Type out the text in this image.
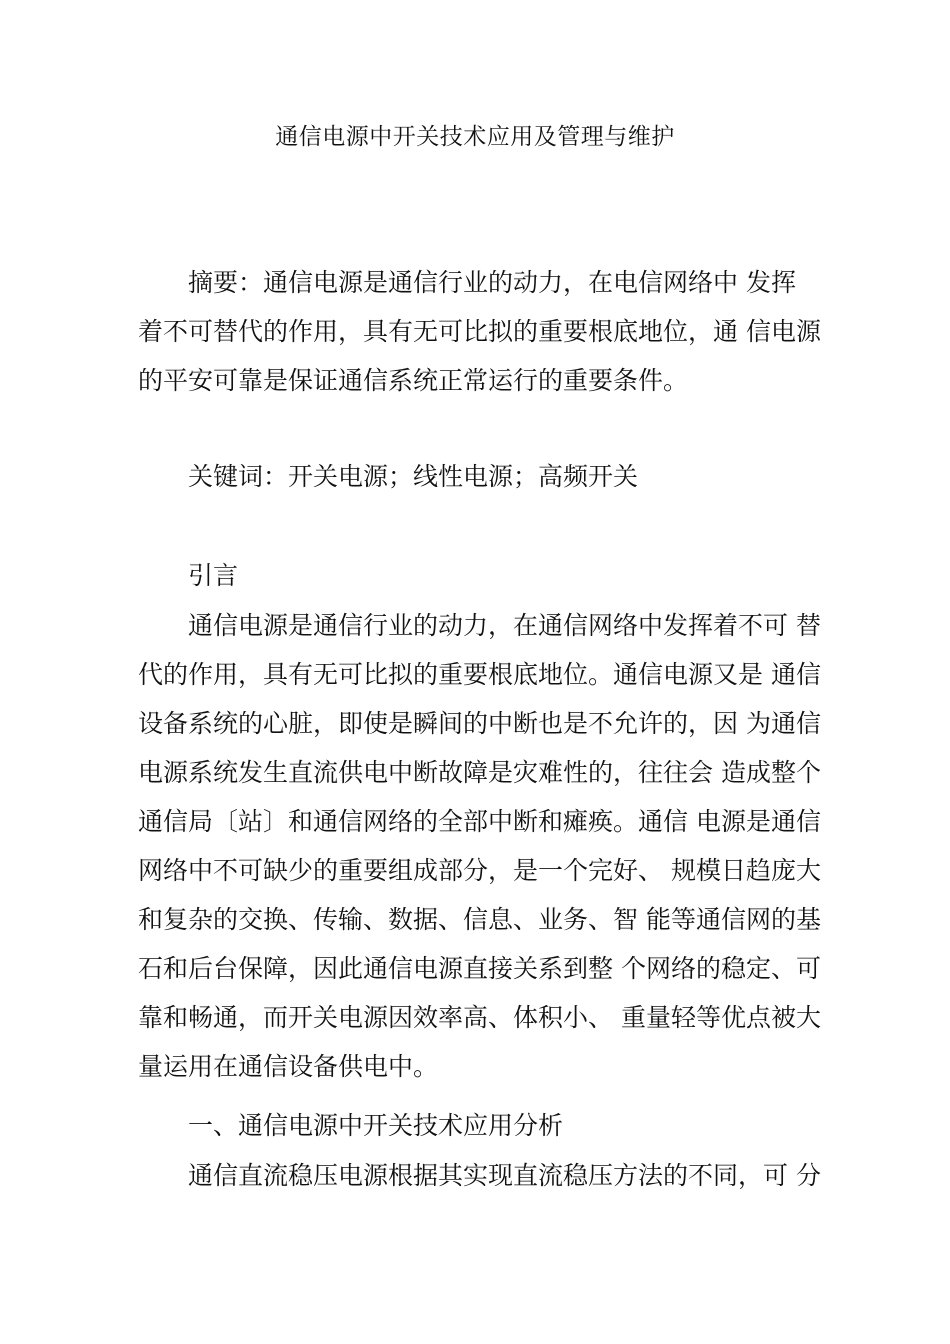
通信电源中开关技术应用及管理与维护
　　摘要：通信电源是通信行业的动力，在电信网络中 发挥
着不可替代的作用，具有无可比拟的重要根底地位，通 信电源
的平安可靠是保证通信系统正常运行的重要条件。
关键词：开关电源；线性电源；高频开关
引言
　　通信电源是通信行业的动力，在通信网络中发挥着不可 替
代的作用，具有无可比拟的重要根底地位。通信电源又是 通信
设备系统的心脏，即使是瞬间的中断也是不允许的，因 为通信
电源系统发生直流供电中断故障是灾难性的，往往会 造成整个
通信局〔站〕和通信网络的全部中断和瘫痪。通信 电源是通信
网络中不可缺少的重要组成部分，是一个完好、 规模日趋庞大
和复杂的交换、传输、数据、信息、业务、智 能等通信网的基
石和后台保障，因此通信电源直接关系到整 个网络的稳定、可
靠和畅通，而开关电源因效率高、体积小、 重量轻等优点被大
量运用在通信设备供电中。
一、通信电源中开关技术应用分析
　　通信直流稳压电源根据其实现直流稳压方法的不同，可 分
